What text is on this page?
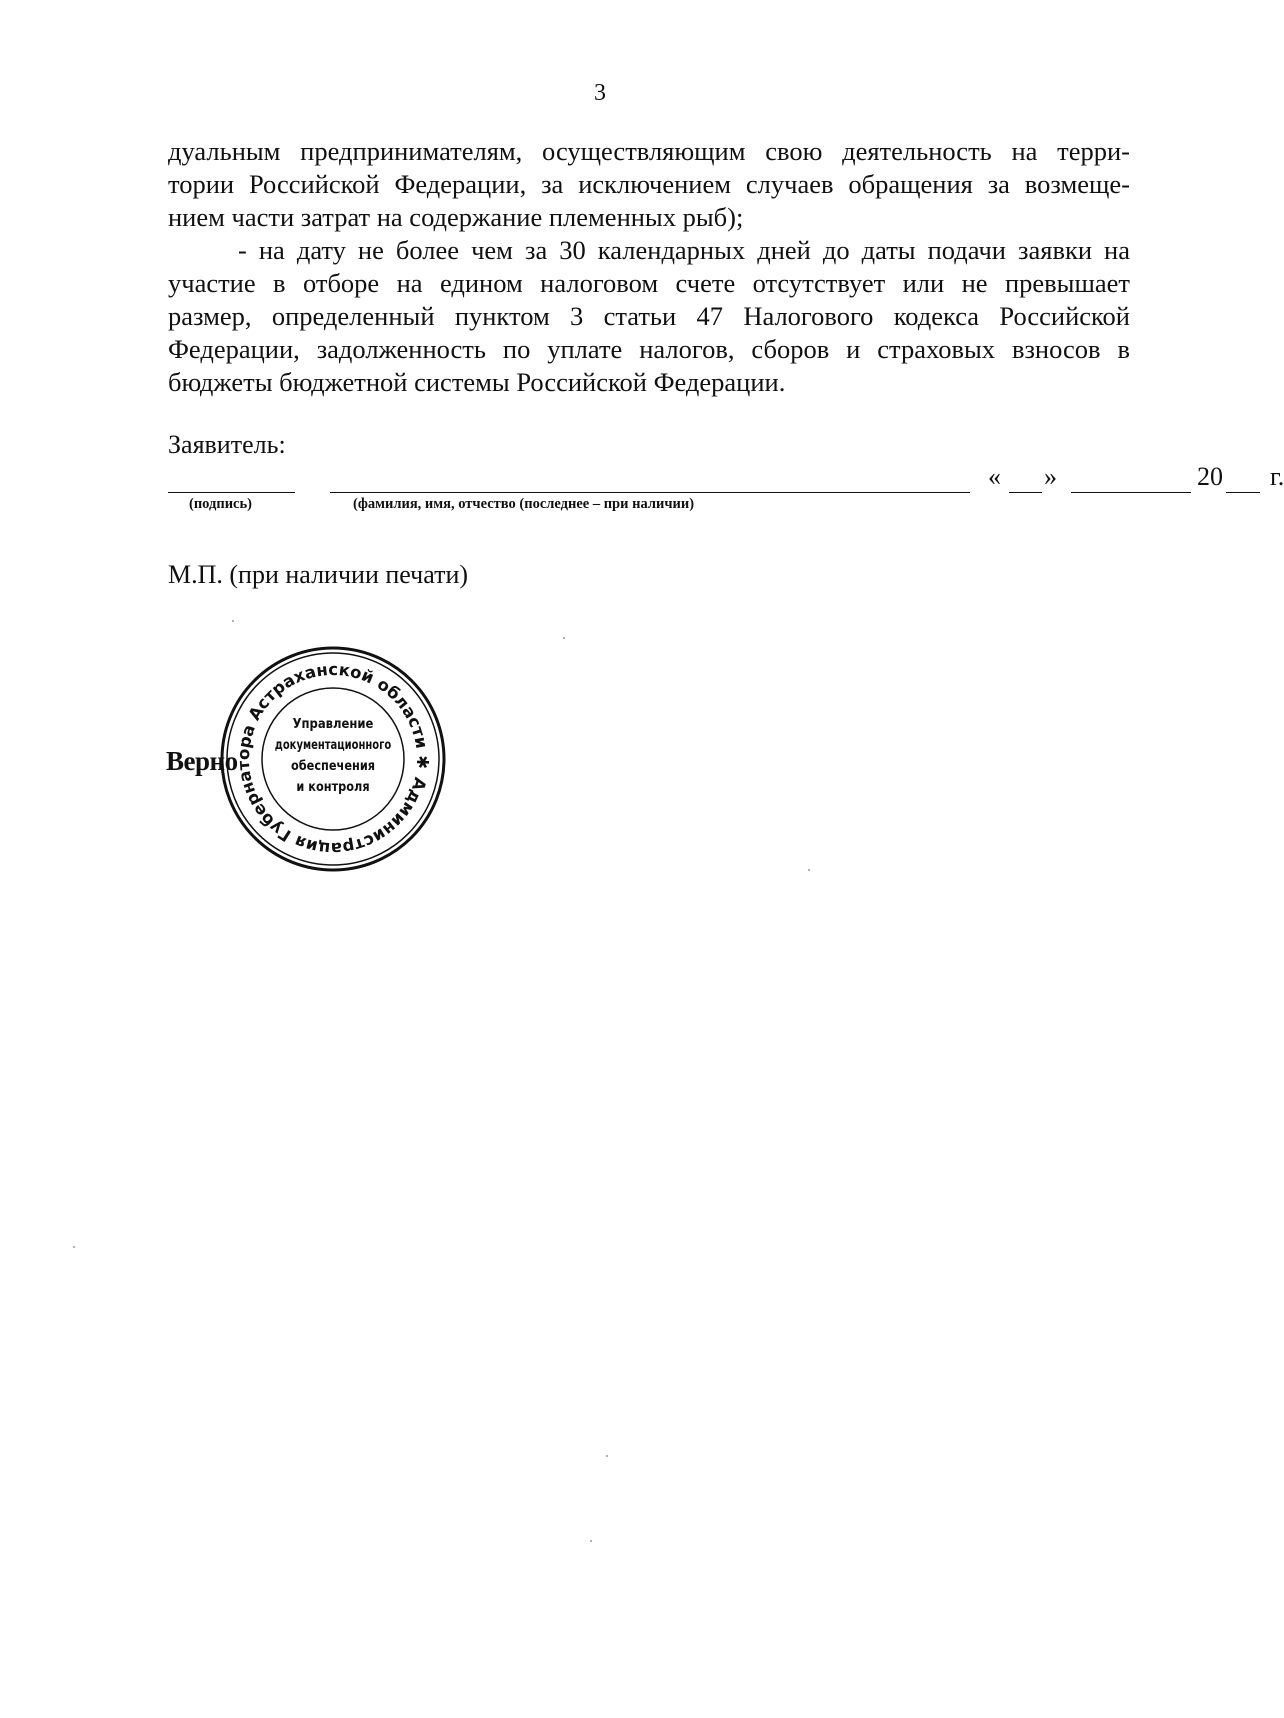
3
дуальным предпринимателям, осуществляющим свою деятельность на терри-
тории Российской Федерации, за исключением случаев обращения за возмеще-
нием части затрат на содержание племенных рыб);
- на дату не более чем за 30 календарных дней до даты подачи заявки на
участие в отборе на едином налоговом счете отсутствует или не превышает
размер, определенный пунктом 3 статьи 47 Налогового кодекса Российской
Федерации, задолженность по уплате налогов, сборов и страховых взносов в
бюджеты бюджетной системы Российской Федерации.
Заявитель:
(подпись)	(фамилия, имя, отчество (последнее – при наличии)
« »	20 г.
М.П. (при наличии печати)
Верно
Администрация Губернатора Астраханской области ✱
Управление
документационного
обеспечения
и контроля
